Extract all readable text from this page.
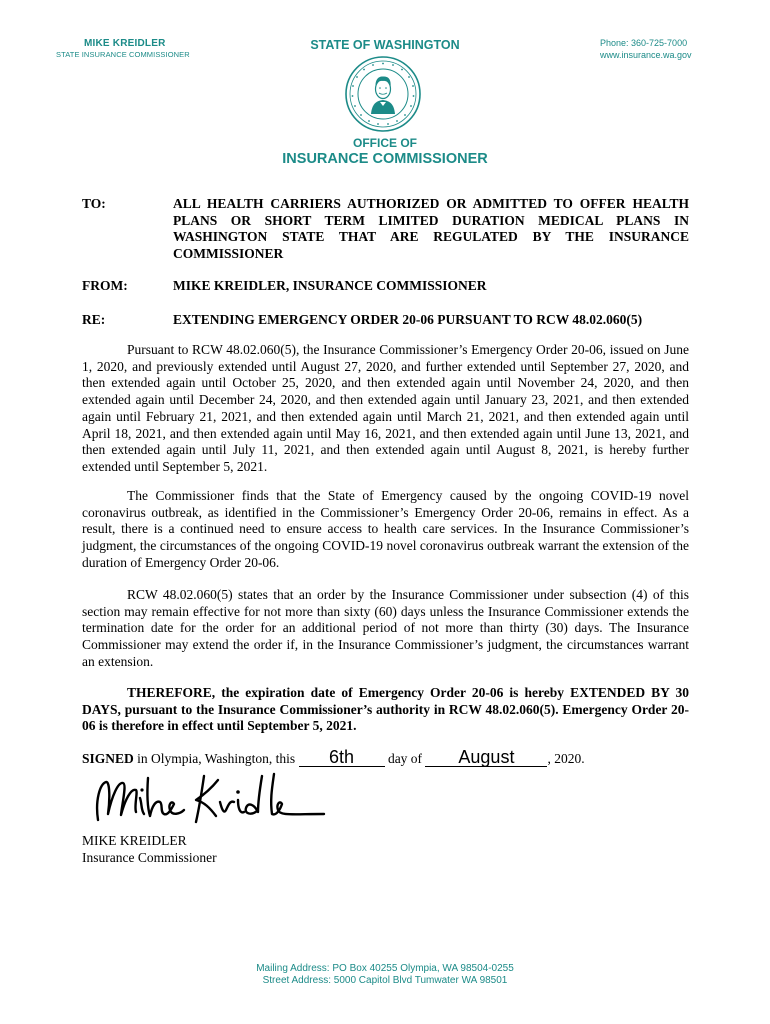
MIKE KREIDLER
STATE INSURANCE COMMISSIONER
STATE OF WASHINGTON	Phone: 360-725-7000
www.insurance.wa.gov
OFFICE OF
INSURANCE COMMISSIONER
TO:	ALL HEALTH CARRIERS AUTHORIZED OR ADMITTED TO OFFER HEALTH PLANS OR SHORT TERM LIMITED DURATION MEDICAL PLANS IN WASHINGTON STATE THAT ARE REGULATED BY THE INSURANCE COMMISSIONER
FROM:	MIKE KREIDLER, INSURANCE COMMISSIONER
RE:	EXTENDING EMERGENCY ORDER 20-06 PURSUANT TO RCW 48.02.060(5)
Pursuant to RCW 48.02.060(5), the Insurance Commissioner’s Emergency Order 20-06, issued on June 1, 2020, and previously extended until August 27, 2020, and further extended until September 27, 2020, and then extended again until October 25, 2020, and then extended again until November 24, 2020, and then extended again until December 24, 2020, and then extended again until January 23, 2021, and then extended again until February 21, 2021, and then extended again until March 21, 2021, and then extended again until April 18, 2021, and then extended again until May 16, 2021, and then extended again until June 13, 2021, and then extended again until July 11, 2021, and then extended again until August 8, 2021, is hereby further extended until September 5, 2021.
The Commissioner finds that the State of Emergency caused by the ongoing COVID-19 novel coronavirus outbreak, as identified in the Commissioner’s Emergency Order 20-06, remains in effect. As a result, there is a continued need to ensure access to health care services. In the Insurance Commissioner’s judgment, the circumstances of the ongoing COVID-19 novel coronavirus outbreak warrant the extension of the duration of Emergency Order 20-06.
RCW 48.02.060(5) states that an order by the Insurance Commissioner under subsection (4) of this section may remain effective for not more than sixty (60) days unless the Insurance Commissioner extends the termination date for the order for an additional period of not more than thirty (30) days. The Insurance Commissioner may extend the order if, in the Insurance Commissioner’s judgment, the circumstances warrant an extension.
THEREFORE, the expiration date of Emergency Order 20-06 is hereby EXTENDED BY 30 DAYS, pursuant to the Insurance Commissioner’s authority in RCW 48.02.060(5). Emergency Order 20-06 is therefore in effect until September 5, 2021.
SIGNED in Olympia, Washington, this 6th day of August , 2020.
MIKE KREIDLER
Insurance Commissioner
Mailing Address: PO Box 40255 Olympia, WA 98504-0255
Street Address: 5000 Capitol Blvd Tumwater WA 98501
